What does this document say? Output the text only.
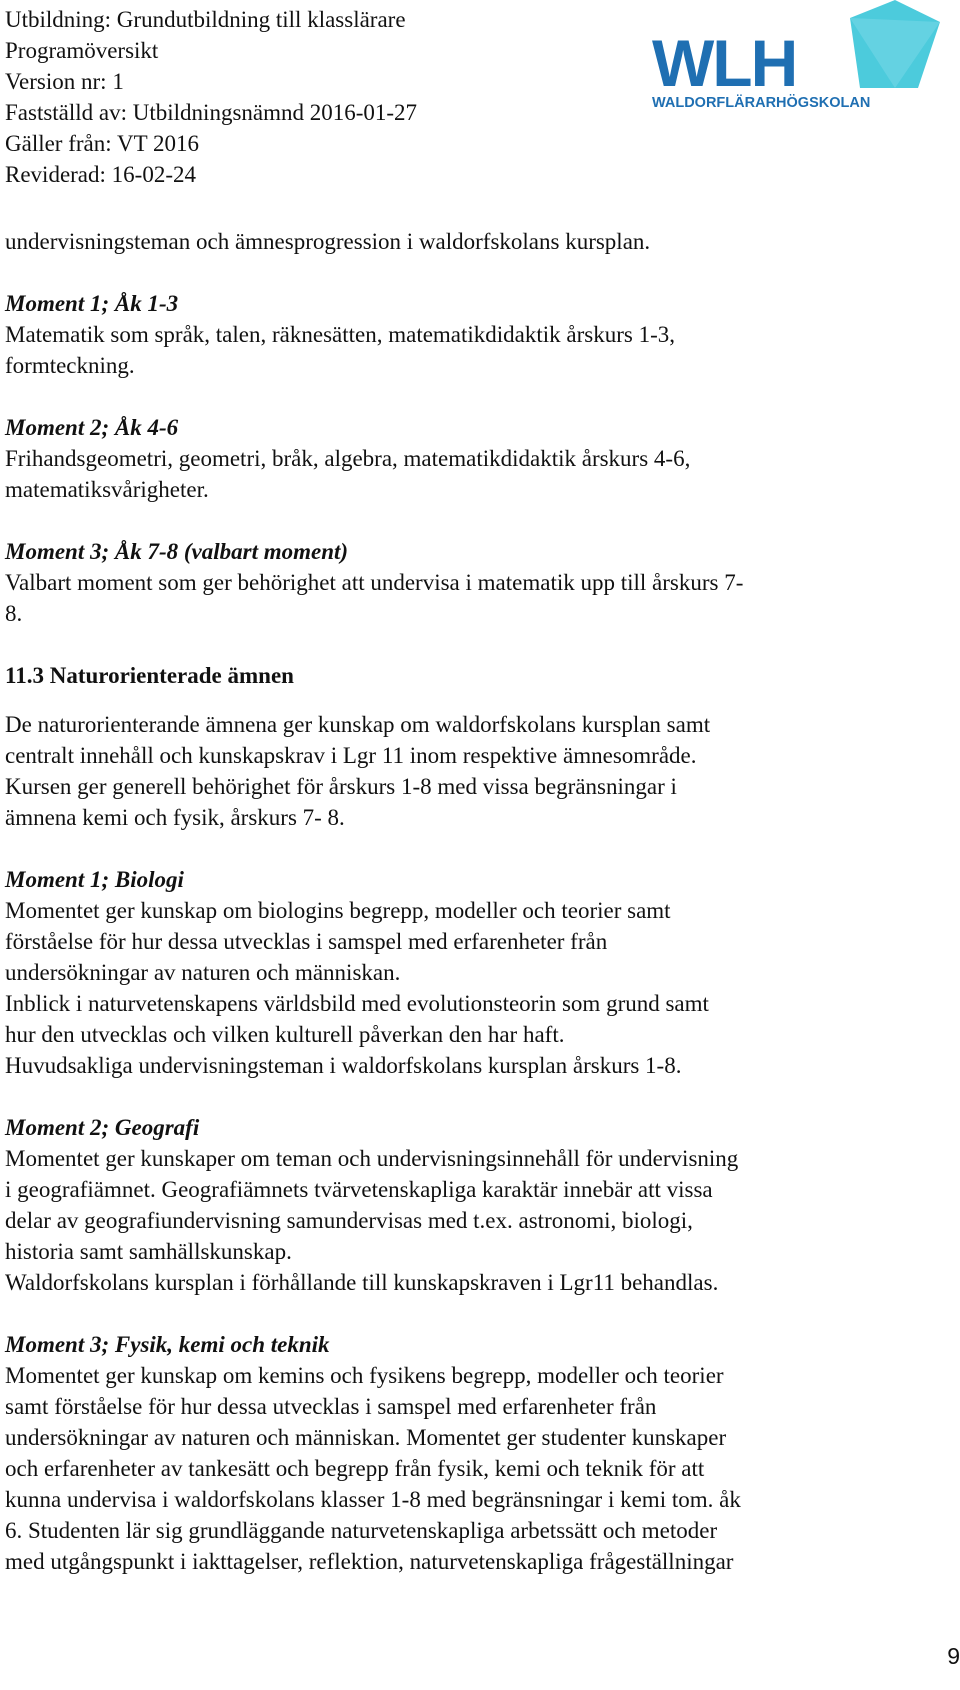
Utbildning: Grundutbildning till klasslärare
Programöversikt
Version nr: 1
Fastställd av: Utbildningsnämnd 2016-01-27
Gäller från: VT 2016
Reviderad: 16-02-24
WLH
WALDORFLÄRARHÖGSKOLAN

undervisningsteman och ämnesprogression i waldorfskolans kursplan.

Moment 1; Åk 1-3

Matematik som språk, talen, räknesätten, matematikdidaktik årskurs 1-3,

formteckning.

Moment 2; Åk 4-6

Frihandsgeometri, geometri, bråk, algebra, matematikdidaktik årskurs 4-6,

matematiksvårigheter.

Moment 3; Åk 7-8 (valbart moment)

Valbart moment som ger behörighet att undervisa i matematik upp till årskurs 7-

8.

11.3 Naturorienterade ämnen

De naturorienterande ämnena ger kunskap om waldorfskolans kursplan samt

centralt innehåll och kunskapskrav i Lgr 11 inom respektive ämnesområde.

Kursen ger generell behörighet för årskurs 1-8 med vissa begränsningar i

ämnena kemi och fysik, årskurs 7- 8.

Moment 1; Biologi

Momentet ger kunskap om biologins begrepp, modeller och teorier samt

förståelse för hur dessa utvecklas i samspel med erfarenheter från

undersökningar av naturen och människan.

Inblick i naturvetenskapens världsbild med evolutionsteorin som grund samt

hur den utvecklas och vilken kulturell påverkan den har haft.

Huvudsakliga undervisningsteman i waldorfskolans kursplan årskurs 1-8.

Moment 2; Geografi

Momentet ger kunskaper om teman och undervisningsinnehåll för undervisning

i geografiämnet. Geografiämnets tvärvetenskapliga karaktär innebär att vissa

delar av geografiundervisning samundervisas med t.ex. astronomi, biologi,

historia samt samhällskunskap.

Waldorfskolans kursplan i förhållande till kunskapskraven i Lgr11 behandlas.

Moment 3; Fysik, kemi och teknik

Momentet ger kunskap om kemins och fysikens begrepp, modeller och teorier

samt förståelse för hur dessa utvecklas i samspel med erfarenheter från

undersökningar av naturen och människan. Momentet ger studenter kunskaper

och erfarenheter av tankesätt och begrepp från fysik, kemi och teknik för att

kunna undervisa i waldorfskolans klasser 1-8 med begränsningar i kemi tom. åk

6. Studenten lär sig grundläggande naturvetenskapliga arbetssätt och metoder

med utgångspunkt i iakttagelser, reflektion, naturvetenskapliga frågeställningar

9
